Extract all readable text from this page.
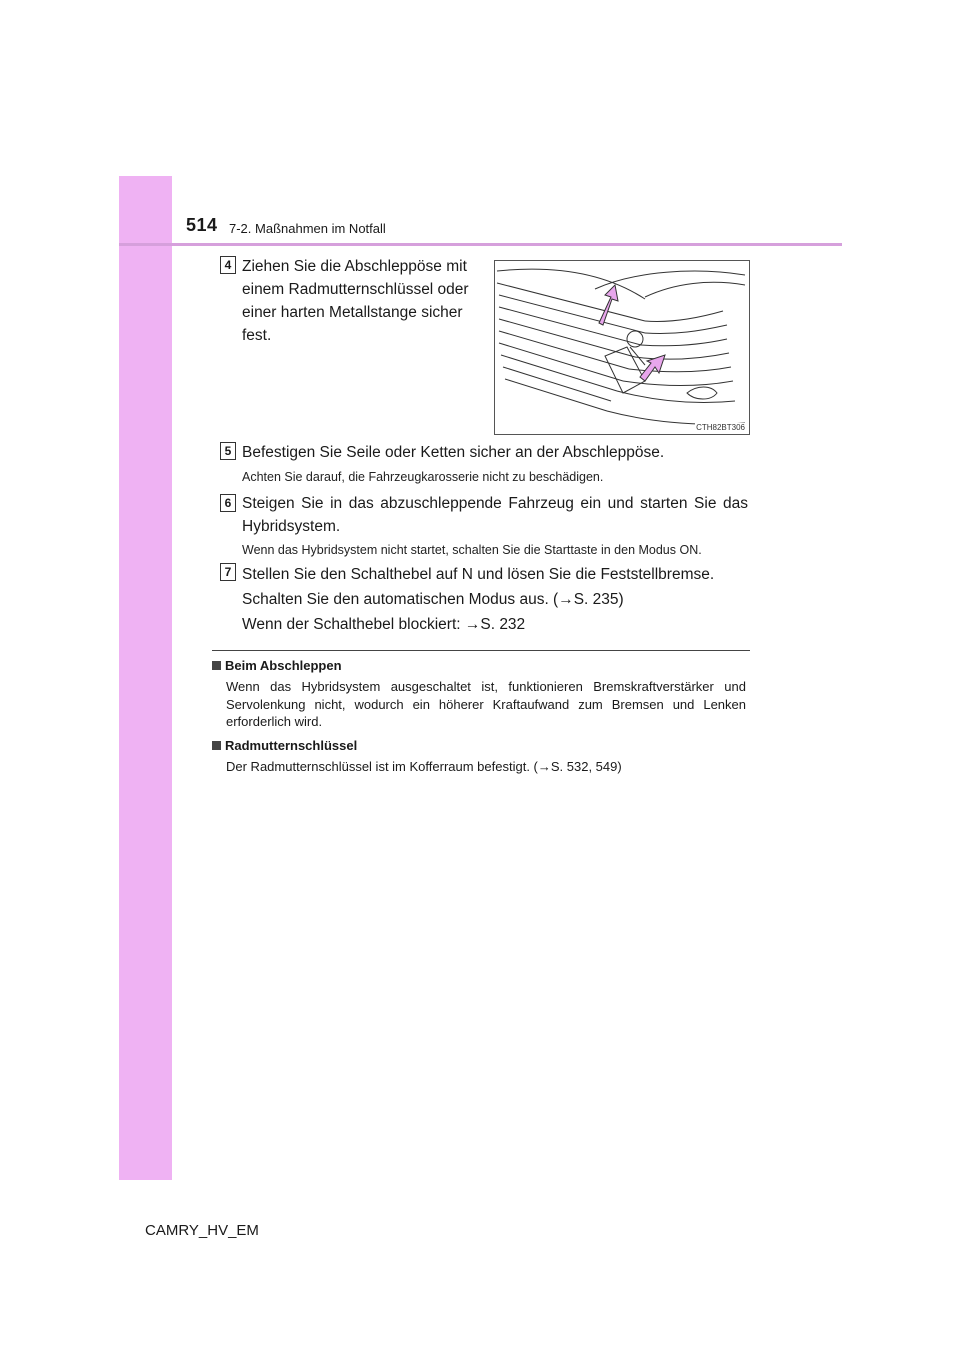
514 7-2. Maßnahmen im Notfall
4 Ziehen Sie die Abschleppöse mit
einem Radmutternschlüssel oder
einer harten Metallstange sicher
fest.
CTH82BT306
5 Befestigen Sie Seile oder Ketten sicher an der Abschleppöse.
Achten Sie darauf, die Fahrzeugkarosserie nicht zu beschädigen.
6 Steigen Sie in das abzuschleppende Fahrzeug ein und starten Sie das
Hybridsystem.
Wenn das Hybridsystem nicht startet, schalten Sie die Starttaste in den Modus ON.
7 Stellen Sie den Schalthebel auf N und lösen Sie die Feststellbremse.
Schalten Sie den automatischen Modus aus. (→S. 235)
Wenn der Schalthebel blockiert: →S. 232
Beim Abschleppen
Wenn das Hybridsystem ausgeschaltet ist, funktionieren Bremskraftverstärker und Servolenkung nicht, wodurch ein höherer Kraftaufwand zum Bremsen und Lenken erforderlich wird.
Radmutternschlüssel
Der Radmutternschlüssel ist im Kofferraum befestigt. (→S. 532, 549)
CAMRY_HV_EM
